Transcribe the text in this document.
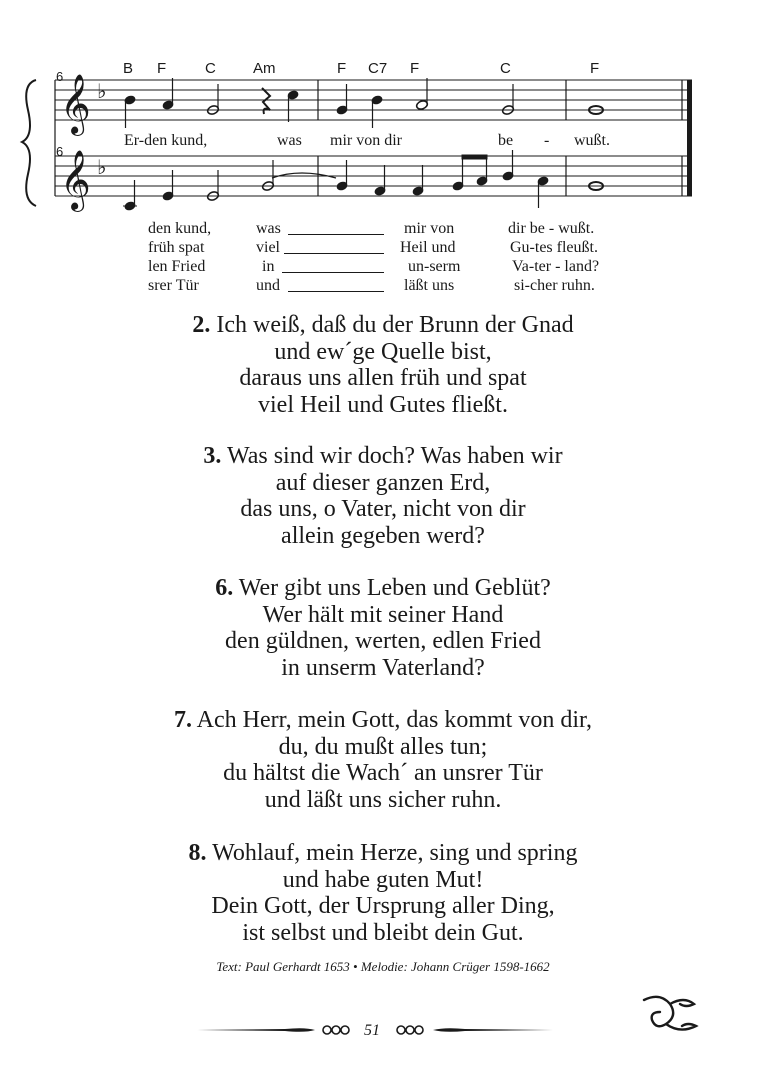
𝄞
𝄞
♭
♭
6
6
B F	C Am	F C7 F	C	F
Er-den kund,	was mir von dir	be - wußt.
den kund,	was	mir von	dir be - wußt.
früh spat	viel	Heil und	Gu-tes fleußt.
len Fried	in	un-serm	Va-ter - land?
srer Tür	und	läßt uns	si-cher ruhn.
2. Ich weiß, daß du der Brunn der Gnad
und ew´ge Quelle bist,
daraus uns allen früh und spat
viel Heil und Gutes fließt.
3. Was sind wir doch? Was haben wir
auf dieser ganzen Erd,
das uns, o Vater, nicht von dir
allein gegeben werd?
6. Wer gibt uns Leben und Geblüt?
Wer hält mit seiner Hand
den güldnen, werten, edlen Fried
in unserm Vaterland?
7. Ach Herr, mein Gott, das kommt von dir,
du, du mußt alles tun;
du hältst die Wach´ an unsrer Tür
und läßt uns sicher ruhn.
8. Wohlauf, mein Herze, sing und spring
und habe guten Mut!
Dein Gott, der Ursprung aller Ding,
ist selbst und bleibt dein Gut.
Text: Paul Gerhardt 1653 • Melodie: Johann Crüger 1598-1662
51
